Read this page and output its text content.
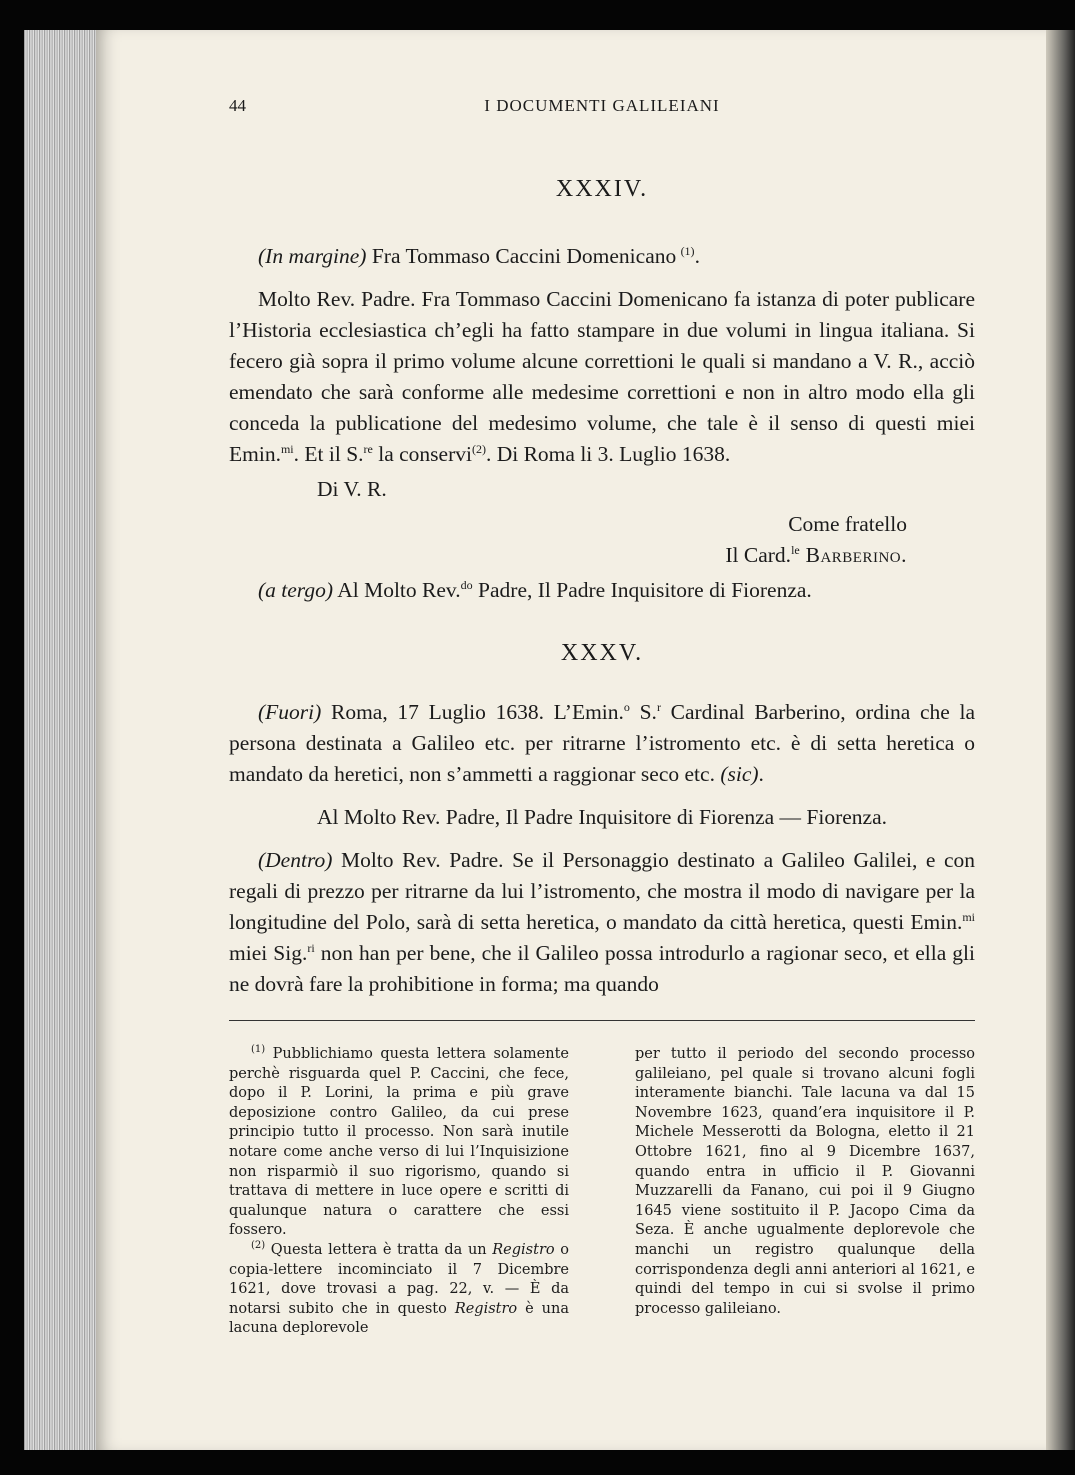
44	I DOCUMENTI GALILEIANI
XXXIV.

(In margine) Fra Tommaso Caccini Domenicano  $^{(1)}$.

Molto Rev. Padre. Fra Tommaso Caccini Domenicano fa istanza di poter publicare l’Historia ecclesiastica ch’egli ha fatto stampare in due volumi in lingua italiana. Si fecero già sopra il primo volume alcune correttioni le quali si mandano a V. R., acciò emendato che sarà conforme alle medesime correttioni e non in altro modo ella gli conceda la publicatione del medesimo volume, che tale è il senso di questi miei Emin.$^{mi}$. Et il S.$^{re}$ la conservi$^{(2)}$. Di Roma li 3. Luglio 1638.

Di V. R.

Come fratello

Il Card.$^{le}$ Barberino.

(a tergo) Al Molto Rev.$^{do}$ Padre, Il Padre Inquisitore di Fiorenza.

XXXV.

(Fuori) Roma, 17 Luglio 1638. L’Emin.$^o$ S.$^r$ Cardinal Barberino, ordina che la persona destinata a Galileo etc. per ritrarne l’istromento etc. è di setta heretica o mandato da heretici, non s’ammetti a raggionar seco etc. (sic).

Al Molto Rev. Padre, Il Padre Inquisitore di Fiorenza — Fiorenza.

(Dentro) Molto Rev. Padre. Se il Personaggio destinato a Galileo Galilei, e con regali di prezzo per ritrarne da lui l’istromento, che mostra il modo di navigare per la longitudine del Polo, sarà di setta heretica, o mandato da città heretica, questi Emin.$^{mi}$ miei Sig.$^{ri}$ non han per bene, che il Galileo possa introdurlo a ragionar seco, et ella gli ne dovrà fare la prohibitione in forma; ma quando

$^{(1)}$ Pubblichiamo questa lettera solamente perchè risguarda quel P. Caccini, che fece, dopo il P. Lorini, la prima e più grave deposizione contro Galileo, da cui prese principio tutto il processo. Non sarà inutile notare come anche verso di lui l’Inquisizione non risparmiò il suo rigorismo, quando si trattava di mettere in luce opere e scritti di qualunque natura o carattere che essi fossero.

$^{(2)}$ Questa lettera è tratta da un Registro o copia-lettere incominciato il 7 Dicembre 1621, dove trovasi a pag. 22, v. — È da notarsi subito che in questo Registro è una lacuna deplorevole

per tutto il periodo del secondo processo galileiano, pel quale si trovano alcuni fogli interamente bianchi. Tale lacuna va dal 15 Novembre 1623, quand’era inquisitore il P. Michele Messerotti da Bologna, eletto il 21 Ottobre 1621, fino al 9 Dicembre 1637, quando entra in ufficio il P. Giovanni Muzzarelli da Fanano, cui poi il 9 Giugno 1645 viene sostituito il P. Jacopo Cima da Seza. È anche ugualmente deplorevole che manchi un registro qualunque della corrispondenza degli anni anteriori al 1621, e quindi del tempo in cui si svolse il primo processo galileiano.
